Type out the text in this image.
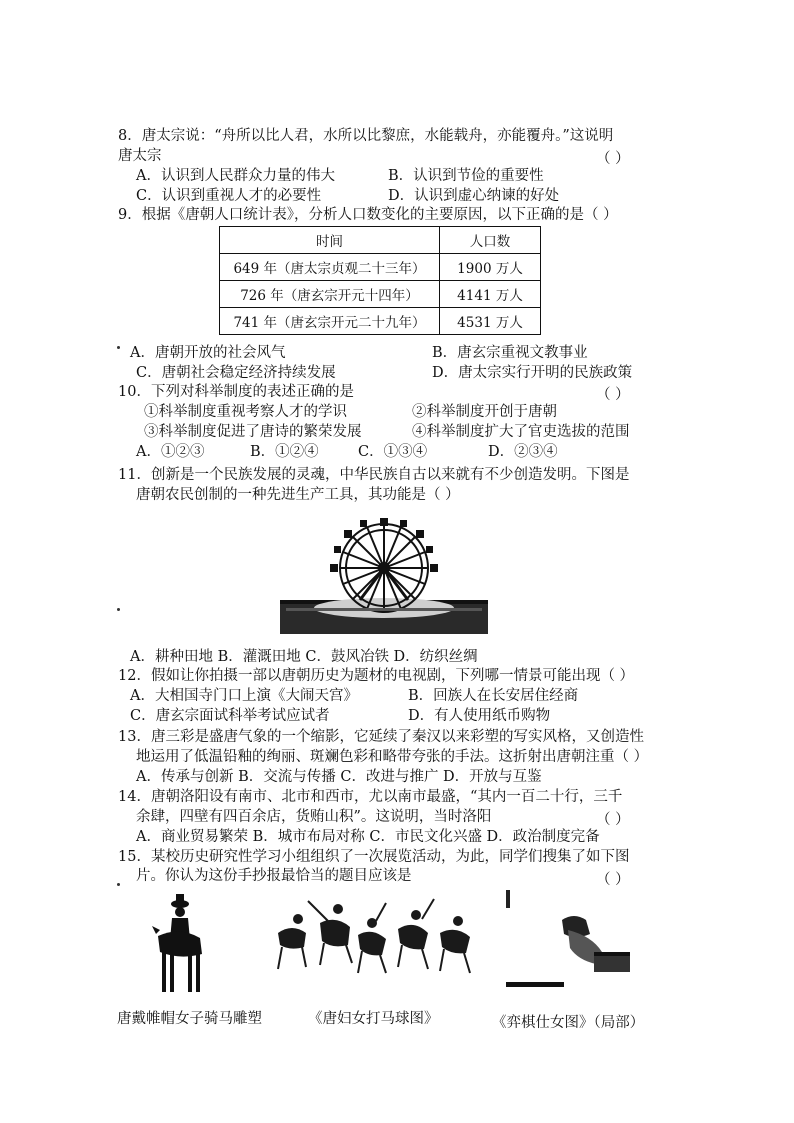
8．唐太宗说：“舟所以比人君，水所以比黎庶，水能载舟，亦能覆舟。”这说明
唐太宗	（ ）
A．认识到人民群众力量的伟大	B．认识到节俭的重要性
C．认识到重视人才的必要性	D．认识到虚心纳谏的好处
9．根据《唐朝人口统计表》，分析人口数变化的主要原因，以下正确的是（ ）
时间	人口数
649 年（唐太宗贞观二十三年）	1900 万人
726 年（唐玄宗开元十四年）	4141 万人
741 年（唐玄宗开元二十九年）	4531 万人
A．唐朝开放的社会风气	B．唐玄宗重视文教事业
C．唐朝社会稳定经济持续发展	D．唐太宗实行开明的民族政策
10．下列对科举制度的表述正确的是	（ ）
①科举制度重视考察人才的学识	②科举制度开创于唐朝
③科举制度促进了唐诗的繁荣发展	④科举制度扩大了官吏选拔的范围
A．①②③	B．①②④	C．①③④	D．②③④
11．创新是一个民族发展的灵魂，中华民族自古以来就有不少创造发明。下图是
唐朝农民创制的一种先进生产工具，其功能是（ ）
A．耕种田地 B．灌溉田地 C．鼓风冶铁 D．纺织丝绸
12．假如让你拍摄一部以唐朝历史为题材的电视剧，下列哪一情景可能出现（ ）
A．大相国寺门口上演《大闹天宫》	B．回族人在长安居住经商
C．唐玄宗面试科举考试应试者	D．有人使用纸币购物
13．唐三彩是盛唐气象的一个缩影，它延续了秦汉以来彩塑的写实风格，又创造性
地运用了低温铅釉的绚丽、斑斓色彩和略带夸张的手法。这折射出唐朝注重（ ）
A．传承与创新 B．交流与传播 C．改进与推广 D．开放与互鉴
14．唐朝洛阳设有南市、北市和西市，尤以南市最盛，“其内一百二十行，三千
余肆，四壁有四百余店，货贿山积”。这说明，当时洛阳	（ ）
A．商业贸易繁荣 B．城市布局对称 C．市民文化兴盛 D．政治制度完备
15．某校历史研究性学习小组组织了一次展览活动，为此，同学们搜集了如下图
片。你认为这份手抄报最恰当的题目应该是	（ ）
唐戴帷帽女子骑马雕塑	《唐妇女打马球图》	《弈棋仕女图》（局部）
